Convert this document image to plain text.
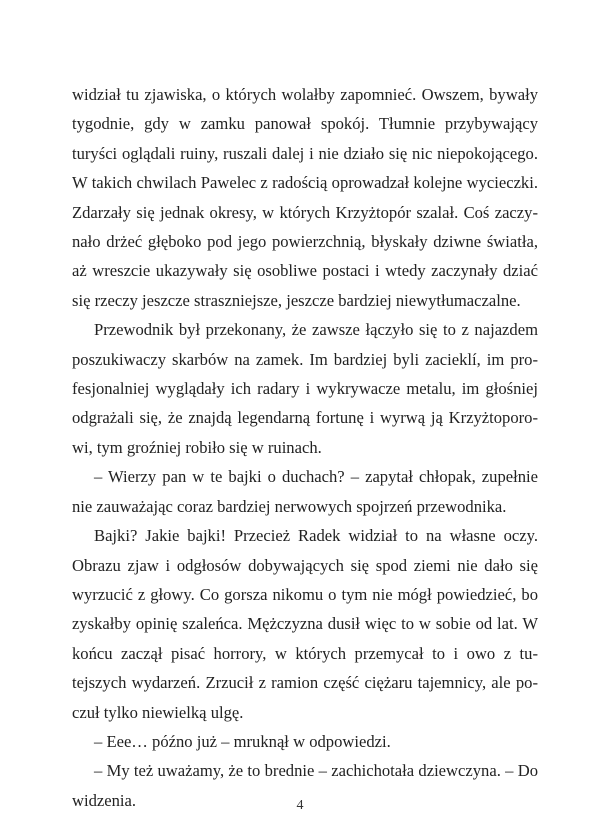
widział tu zjawiska, o których wolałby zapomnieć. Owszem, bywały tygodnie, gdy w zamku panował spokój. Tłumnie przybywający turyści oglądali ruiny, ruszali dalej i nie działo się nic niepokojącego. W takich chwilach Pawelec z radością oprowadzał kolejne wycieczki. Zdarzały się jednak okresy, w których Krzyżtopór szalał. Coś zaczynało drżeć głęboko pod jego powierzchnią, błyskały dziwne światła, aż wreszcie ukazywały się osobliwe postaci i wtedy zaczynały dziać się rzeczy jeszcze straszniejsze, jeszcze bardziej niewytłumaczalne.

Przewodnik był przekonany, że zawsze łączyło się to z najazdem poszukiwaczy skarbów na zamek. Im bardziej byli zacieklí, im profesjonalniej wyglądały ich radary i wykrywacze metalu, im głośniej odgrażali się, że znajdą legendarną fortunę i wyrwą ją Krzyżtoporowi, tym groźniej robiło się w ruinach.

– Wierzy pan w te bajki o duchach? – zapytał chłopak, zupełnie nie zauważając coraz bardziej nerwowych spojrzeń przewodnika.

Bajki? Jakie bajki! Przecież Radek widział to na własne oczy. Obrazu zjaw i odgłosów dobywających się spod ziemi nie dało się wyrzucić z głowy. Co gorsza nikomu o tym nie mógł powiedzieć, bo zyskałby opinię szaleńca. Mężczyzna dusił więc to w sobie od lat. W końcu zaczął pisać horrory, w których przemycał to i owo z tutejszych wydarzeń. Zrzucił z ramion część ciężaru tajemnicy, ale poczuł tylko niewielką ulgę.

– Eee… późno już – mruknął w odpowiedzi.

– My też uważamy, że to brednie – zachichotała dziewczyna. – Do widzenia.	4
